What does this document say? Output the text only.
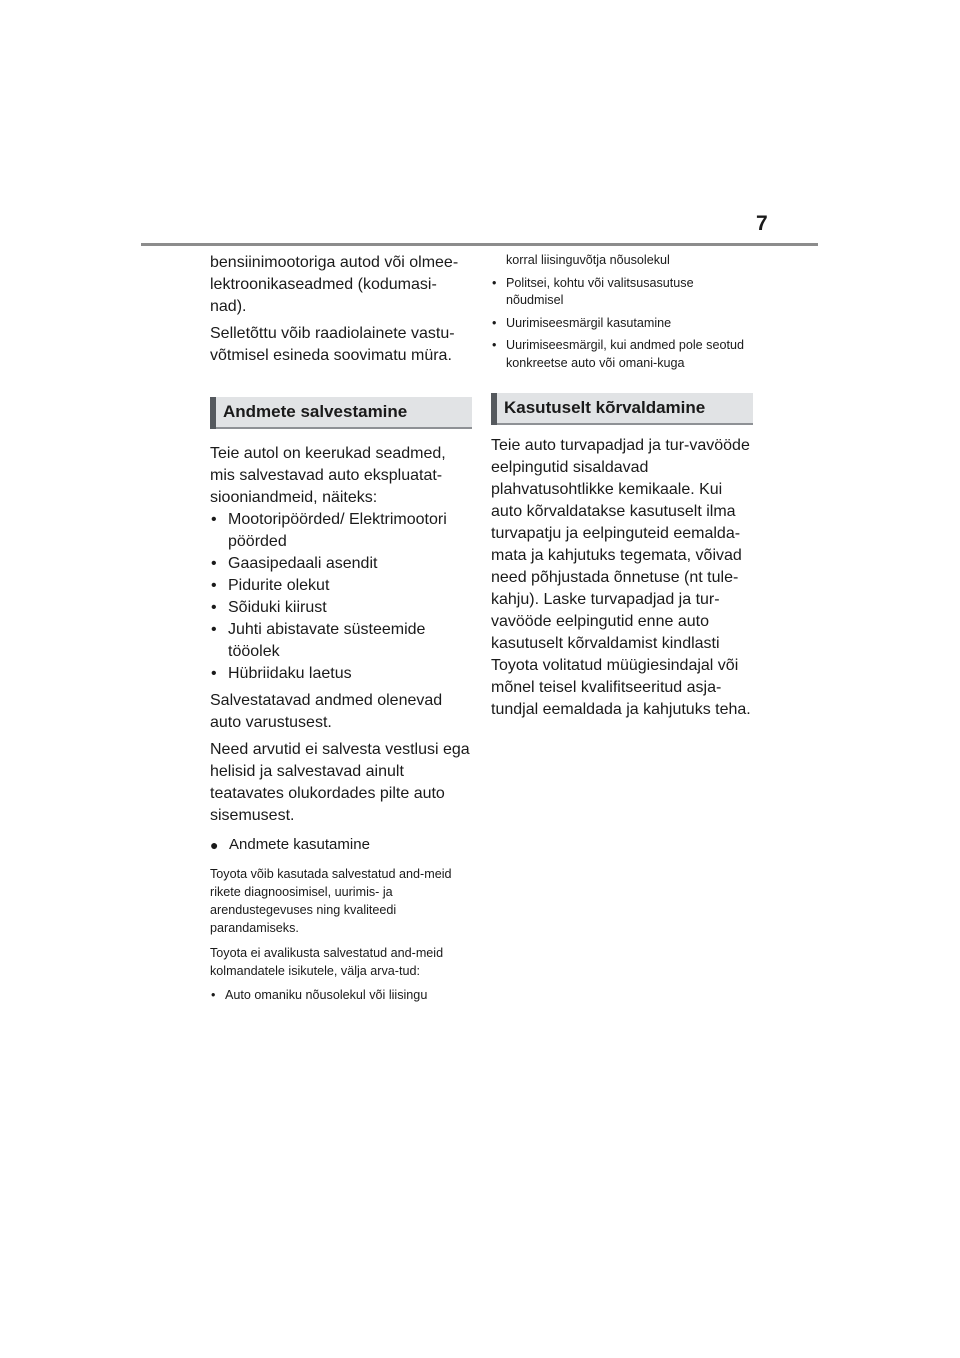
7

bensiinimootoriga autod või olmee-lektroonikaseadmed (kodumasi-nad).

Selletõttu võib raadiolainete vastu-võtmisel esineda soovimatu müra.

Andmete salvestamine

Teie autol on keerukad seadmed, mis salvestavad auto ekspluatat-siooniandmeid, näiteks:

• Mootoripöörded/ Elektrimootori pöörded
• Gaasipedaali asendit
• Pidurite olekut
• Sõiduki kiirust
• Juhti abistavate süsteemide tööolek
• Hübriidaku laetus

Salvestatavad andmed olenevad auto varustusest.

Need arvutid ei salvesta vestlusi ega helisid ja salvestavad ainult teatavates olukordades pilte auto sisemusest.

● Andmete kasutamine

Toyota võib kasutada salvestatud and-meid rikete diagnoosimisel, uurimis- ja arendustegevuses ning kvaliteedi parandamiseks.

Toyota ei avalikusta salvestatud and-meid kolmandatele isikutele, välja arva-tud:

• Auto omaniku nõusolekul või liisingu
korral liisinguvõtja nõusolekul
• Politsei, kohtu või valitsusasutuse nõudmisel
• Uurimiseesmärgil kasutamine
• Uurimiseesmärgil, kui andmed pole seotud konkreetse auto või omani-kuga
Kasutuselt kõrvaldamine

Teie auto turvapadjad ja tur-vavööde eelpingutid sisaldavad plahvatusohtlikke kemikaale. Kui auto kõrvaldatakse kasutuselt ilma turvapatju ja eelpinguteid eemalda-mata ja kahjutuks tegemata, võivad need põhjustada õnnetuse (nt tule-kahju). Laske turvapadjad ja tur-vavööde eelpingutid enne auto kasutuselt kõrvaldamist kindlasti Toyota volitatud müügiesindajal või mõnel teisel kvalifitseeritud asja-tundjal eemaldada ja kahjutuks teha.
